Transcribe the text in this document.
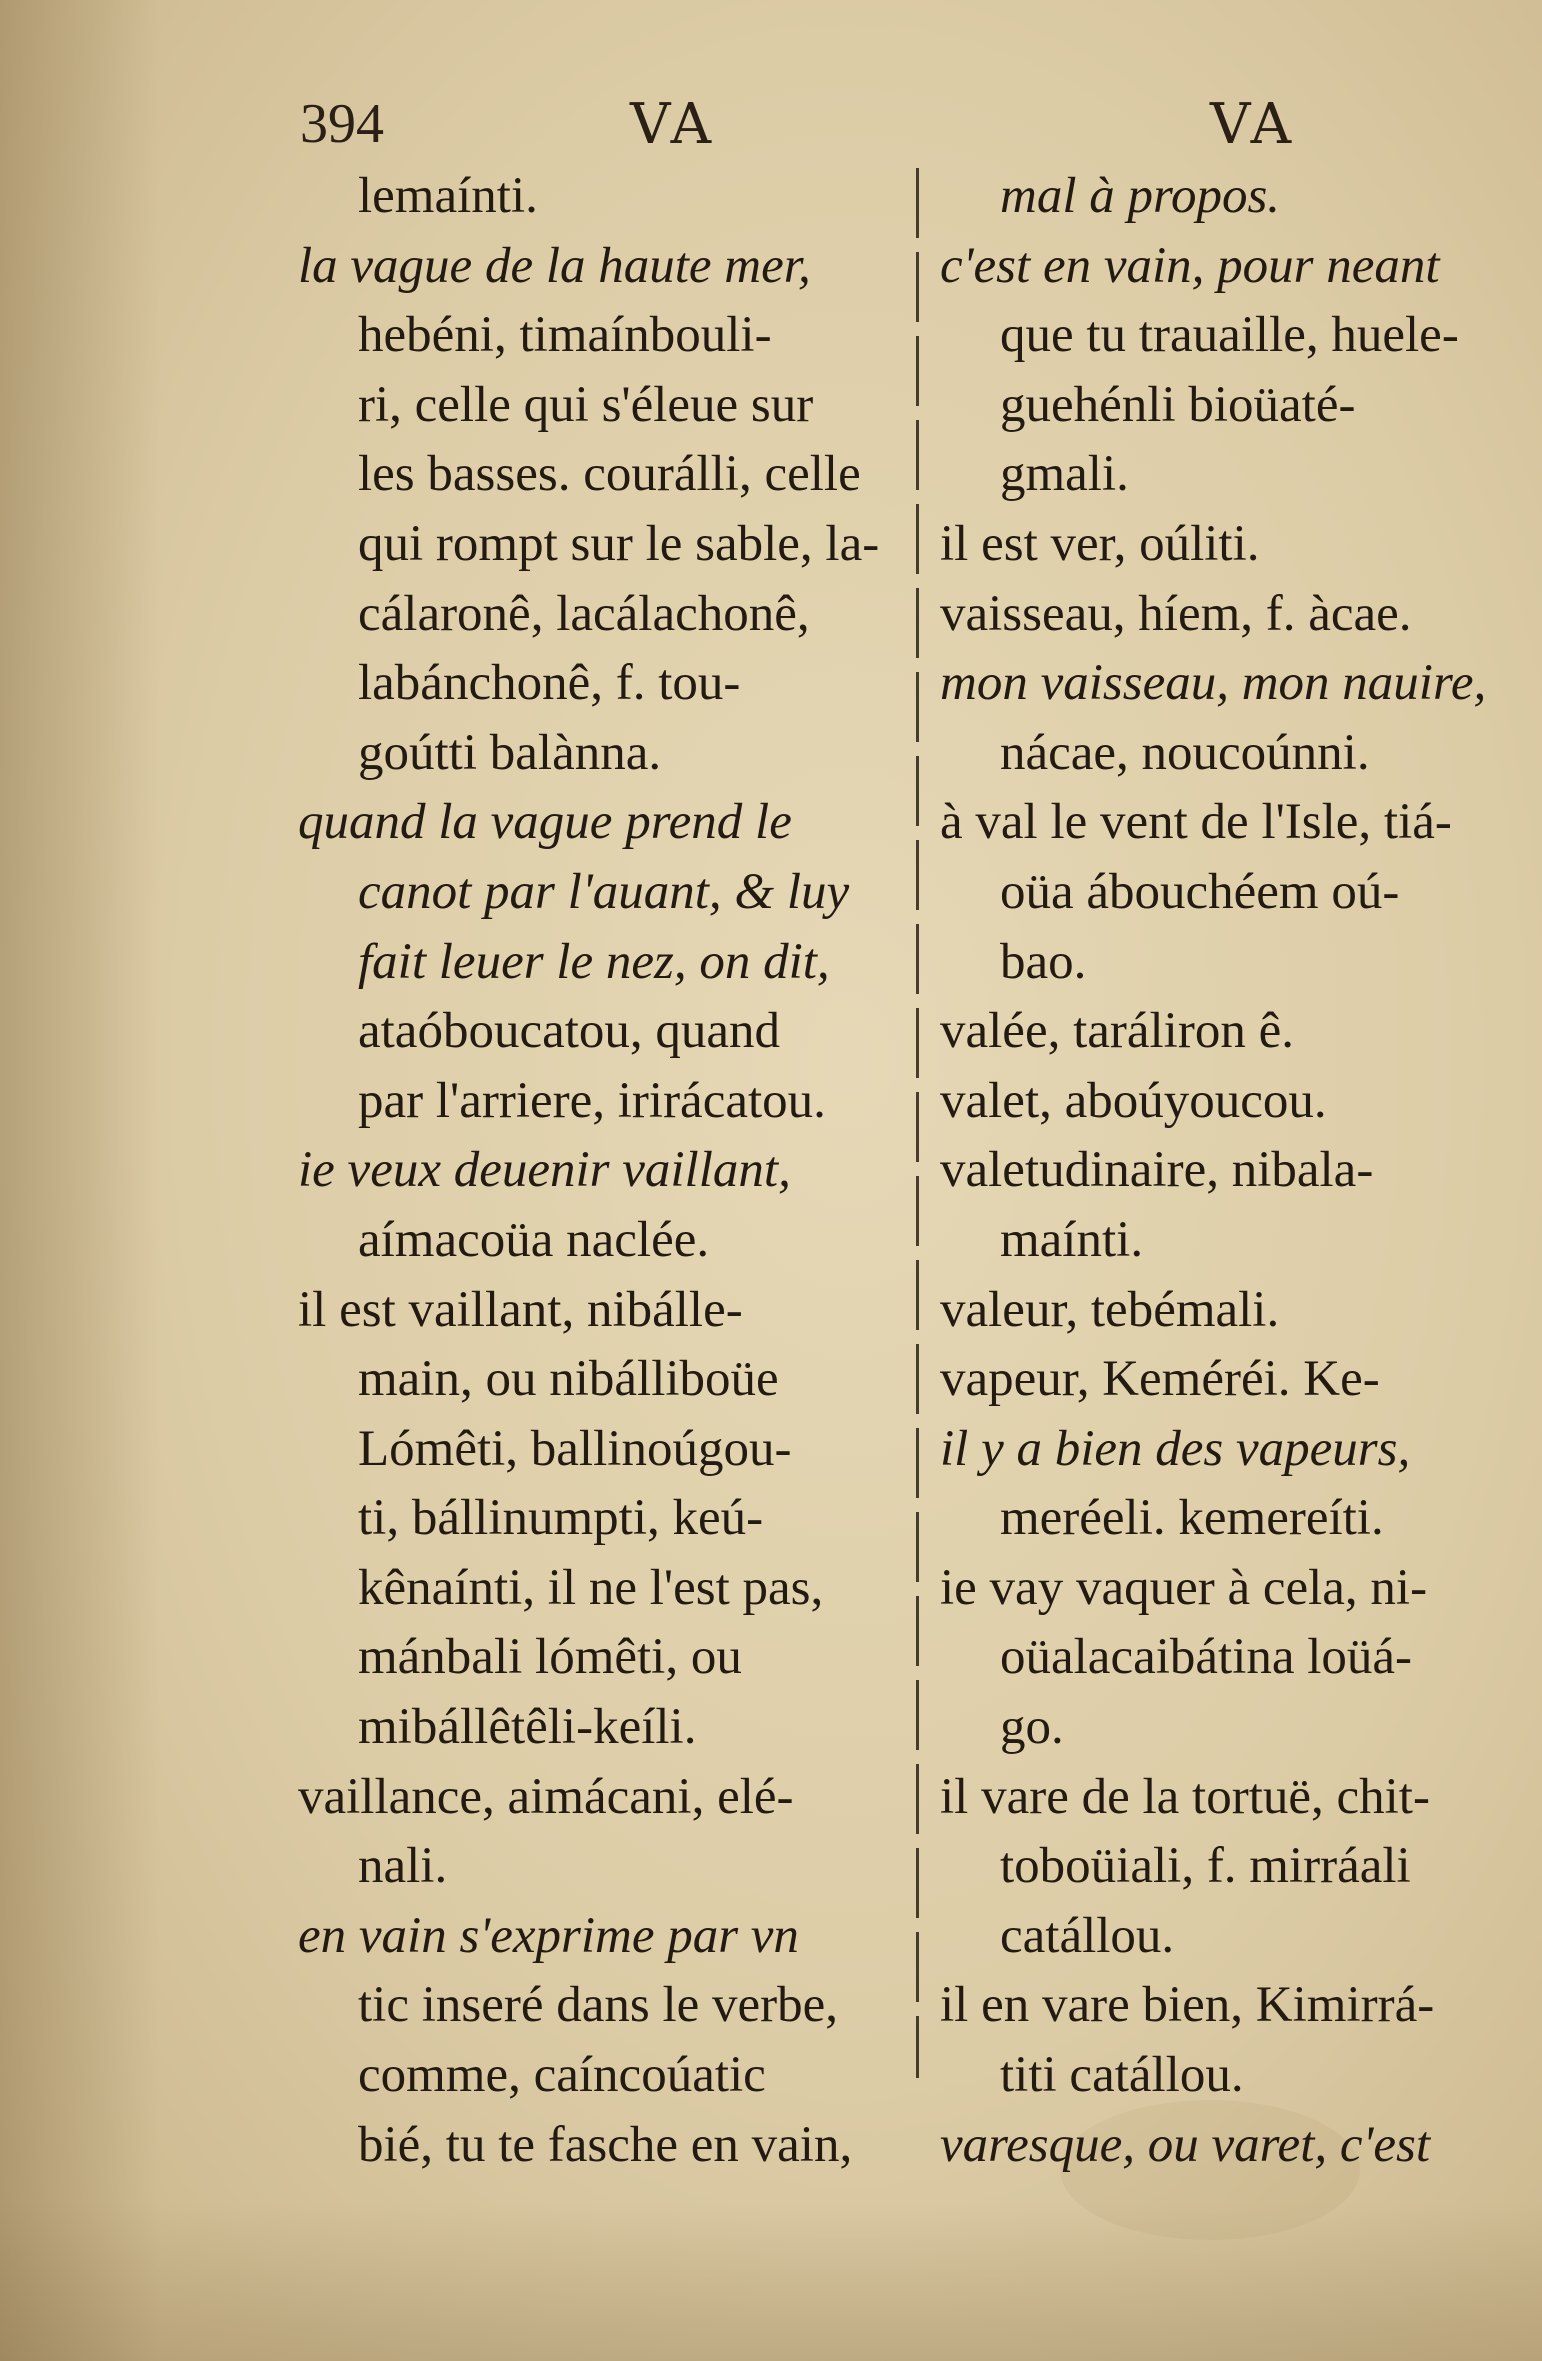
394	VA	VA
lemaínti.
la vague de la haute mer,
hebéni, timaínbouli-
ri, celle qui s'éleue sur
les basses. courálli, celle
qui rompt sur le sable, la-
cálaronê, lacálachonê,
labánchonê, f. tou-
goútti balànna.
quand la vague prend le
canot par l'auant, & luy
fait leuer le nez, on dit,
ataóboucatou, quand
par l'arriere, irirácatou.
ie veux deuenir vaillant,
aímacoüa naclée.
il est vaillant, nibálle-
main, ou nibálliboüe
Lómêti, ballinoúgou-
ti, bállinumpti, keú-
kênaínti, il ne l'est pas,
mánbali lómêti, ou
mibállêtêli-keíli.
vaillance, aimácani, elé-
nali.
en vain s'exprime par vn
tic inseré dans le verbe,
comme, caíncoúatic
bié, tu te fasche en vain,
mal à propos.
c'est en vain, pour neant
que tu trauaille, huele-
guehénli bioüaté-
gmali.
il est ver, oúliti.
vaisseau, híem, f. àcae.
mon vaisseau, mon nauire,
nácae, noucoúnni.
à val le vent de l'Isle, tiá-
oüa ábouchéem oú-
bao.
valée, taráliron ê.
valet, aboúyoucou.
valetudinaire, nibala-
maínti.
valeur, tebémali.
vapeur, Keméréi. Ke-
il y a bien des vapeurs,
meréeli. kemereíti.
ie vay vaquer à cela, ni-
oüalacaibátina loüá-
go.
il vare de la tortuë, chit-
toboüiali, f. mirráali
catállou.
il en vare bien, Kimirrá-
titi catállou.
varesque, ou varet, c'est
